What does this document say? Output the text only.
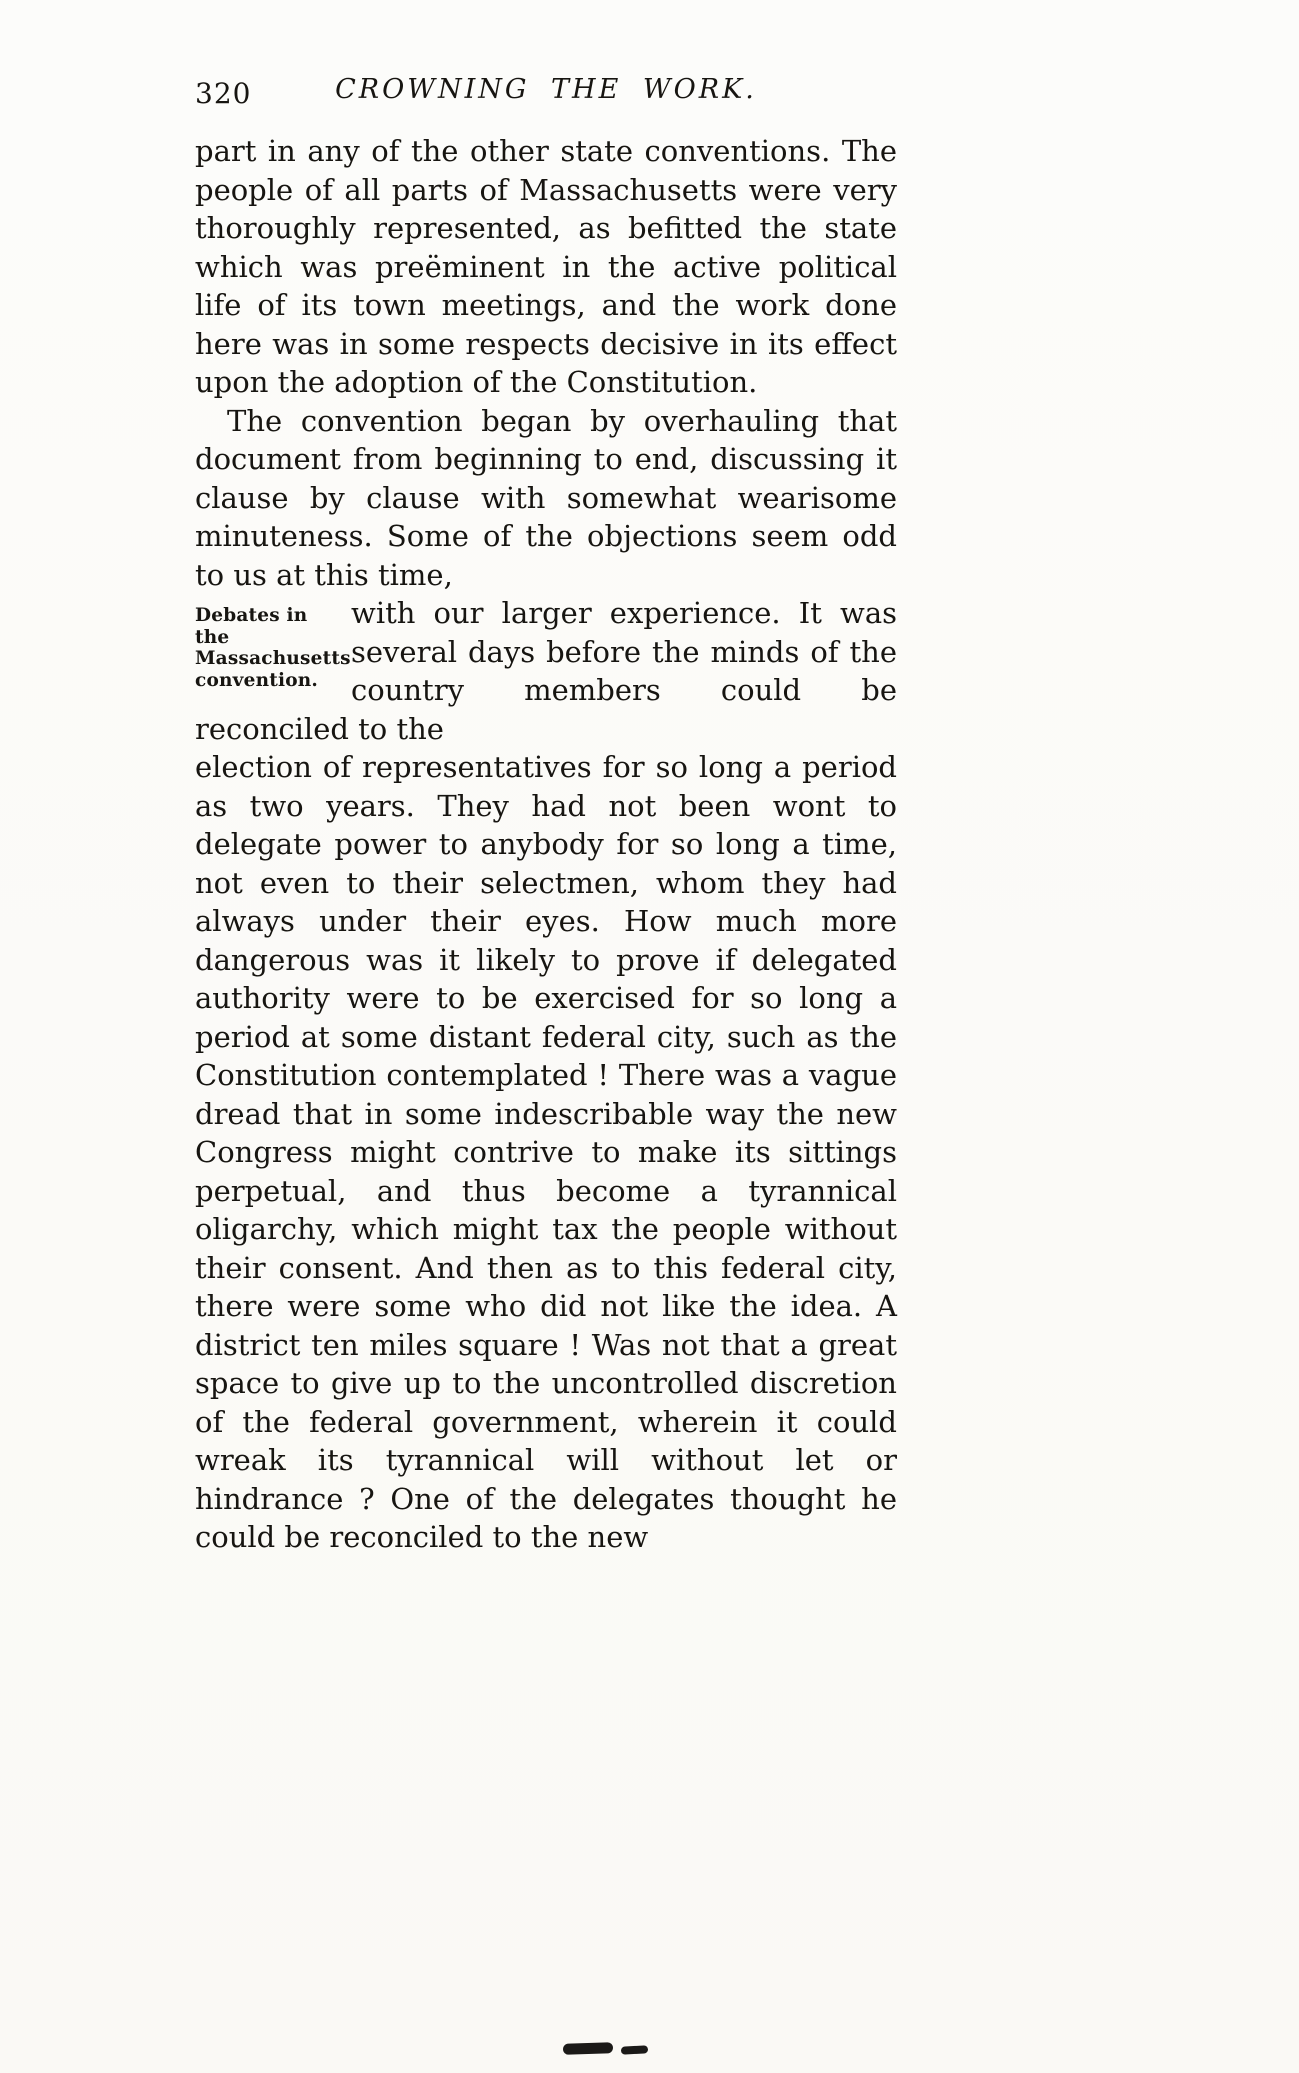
320	CROWNING THE WORK.

part in any of the other state conventions. The people of all parts of Massachusetts were very thoroughly represented, as befitted the state which was preëminent in the active political life of its town meetings, and the work done here was in some respects decisive in its effect upon the adoption of the Constitution.

The convention began by overhauling that document from beginning to end, discussing it clause by clause with somewhat wearisome minuteness. Some of the objections seem odd to us at this time,

Debates in the Massachusetts convention.
with our larger experience. It was several days before the minds of the country members could be reconciled to the

election of representatives for so long a period as two years. They had not been wont to delegate power to anybody for so long a time, not even to their selectmen, whom they had always under their eyes. How much more dangerous was it likely to prove if delegated authority were to be exercised for so long a period at some distant federal city, such as the Constitution contemplated ! There was a vague dread that in some indescribable way the new Congress might contrive to make its sittings perpetual, and thus become a tyrannical oligarchy, which might tax the people without their consent. And then as to this federal city, there were some who did not like the idea. A district ten miles square ! Was not that a great space to give up to the uncontrolled discretion of the federal government, wherein it could wreak its tyrannical will without let or hindrance ? One of the delegates thought he could be reconciled to the new
